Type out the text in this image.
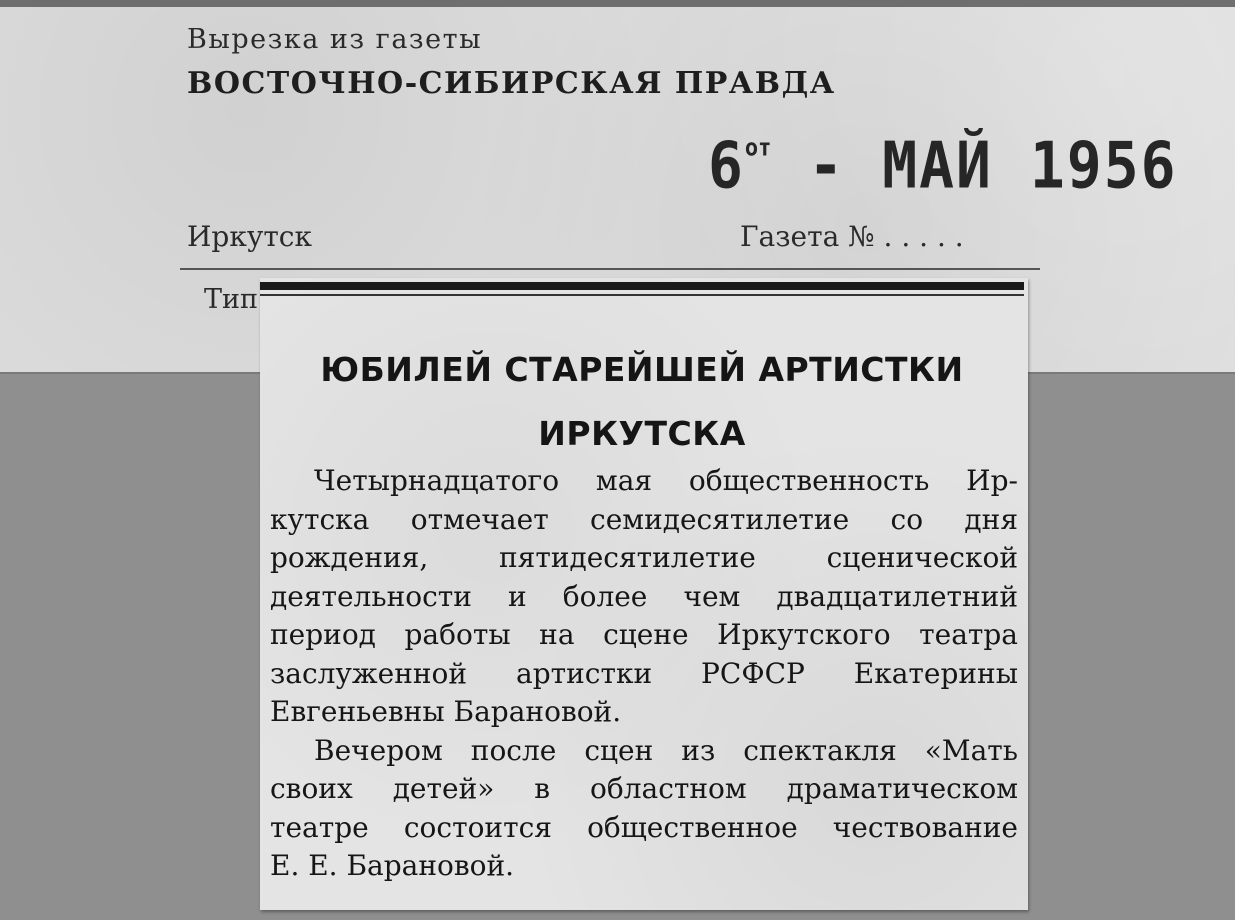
Вырезка из газеты
ВОСТОЧНО-СИБИРСКАЯ ПРАВДА
$6^{от}$ - МАЙ 1956
Иркутск	Газета № . . . . .
Тип
ЮБИЛЕЙ СТАРЕЙШЕЙ АРТИСТКИ
ИРКУТСКА
Четырнадцатого мая общественность Ир-
кутска отмечает семидесятилетие со дня
рождения, пятидесятилетие сценической
деятельности и более чем двадцатилетний
период работы на сцене Иркутского театра
заслуженной артистки РСФСР Екатерины
Евгеньевны Барановой.
Вечером после сцен из спектакля «Мать
своих детей» в областном драматическом
театре состоится общественное чествование
Е. Е. Барановой.
